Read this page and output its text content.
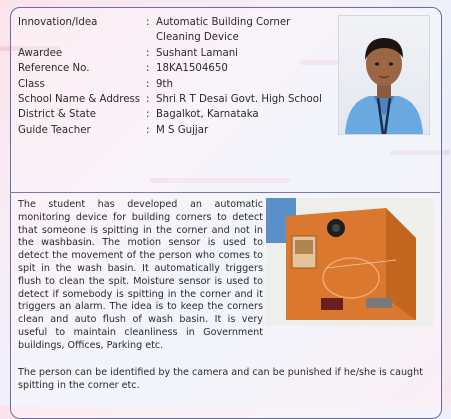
Innovation/Idea	: Automatic Building Corner Cleaning Device
Awardee	: Sushant Lamani
Reference No.	: 18KA1504650
Class	: 9th
School Name & Address : Shri R T Desai Govt. High School
District & State	: Bagalkot, Karnataka
Guide Teacher	: M S Gujjar
The student has developed an automatic monitoring device for building corners to detect that someone is spitting in the corner and not in the washbasin. The motion sensor is used to detect the movement of the person who comes to spit in the wash basin. It automatically triggers flush to clean the spit. Moisture sensor is used to detect if somebody is spitting in the corner and it triggers an alarm. The idea is to keep the corners clean and auto flush of wash basin. It is very useful to maintain cleanliness in Government buildings, Offices, Parking etc.
The person can be identified by the camera and can be punished if he/she is caught spitting in the corner etc.
